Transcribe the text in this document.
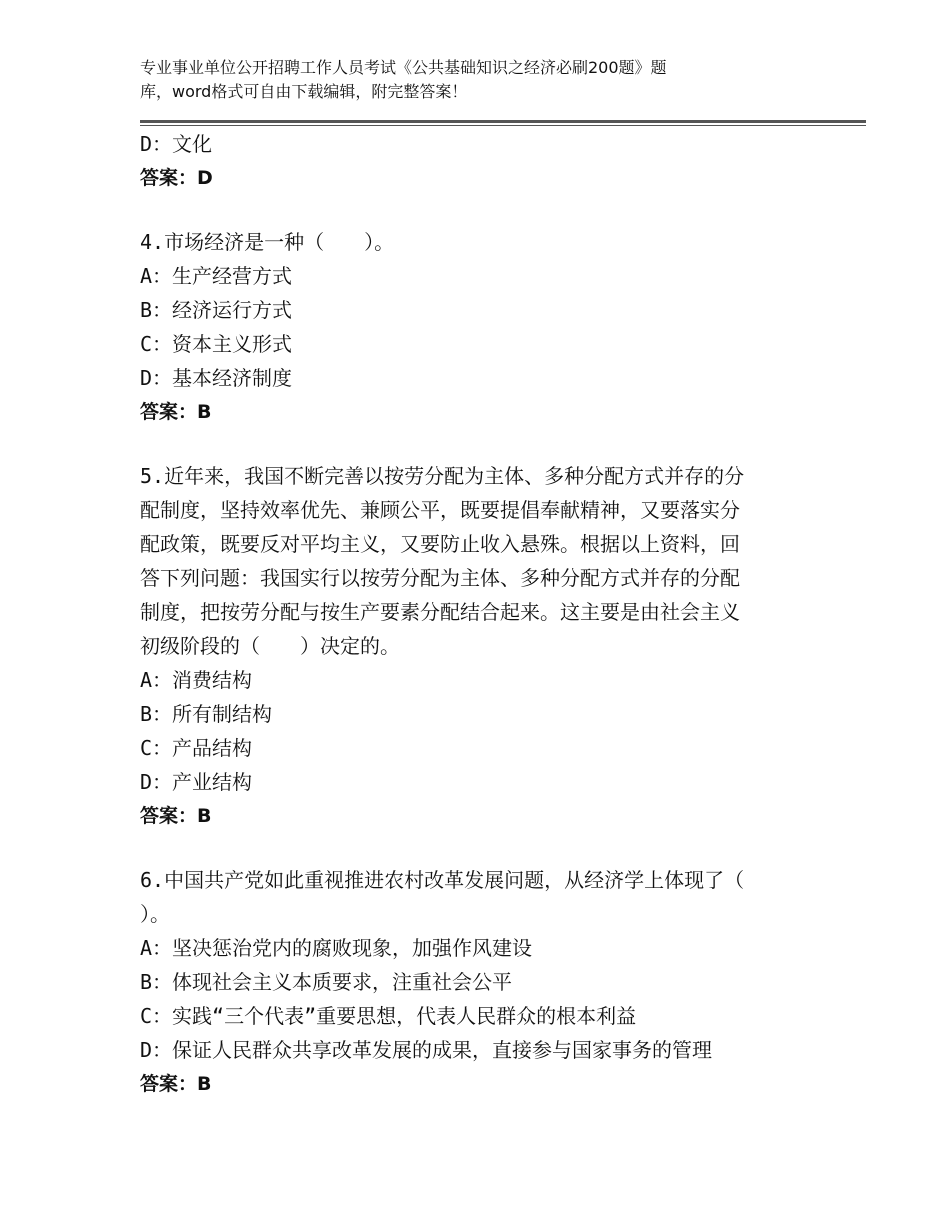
专业事业单位公开招聘工作人员考试《公共基础知识之经济必刷200题》题
库，word格式可自由下载编辑，附完整答案！
D：文化
答案：D
4.市场经济是一种（　　）。
A：生产经营方式
B：经济运行方式
C：资本主义形式
D：基本经济制度
答案：B
5.近年来，我国不断完善以按劳分配为主体、多种分配方式并存的分
配制度，坚持效率优先、兼顾公平，既要提倡奉献精神，又要落实分
配政策，既要反对平均主义，又要防止收入悬殊。根据以上资料，回
答下列问题：我国实行以按劳分配为主体、多种分配方式并存的分配
制度，把按劳分配与按生产要素分配结合起来。这主要是由社会主义
初级阶段的（　　）决定的。
A：消费结构
B：所有制结构
C：产品结构
D：产业结构
答案：B
6.中国共产党如此重视推进农村改革发展问题，从经济学上体现了（
）。
A：坚决惩治党内的腐败现象，加强作风建设
B：体现社会主义本质要求，注重社会公平
C：实践“三个代表”重要思想，代表人民群众的根本利益
D：保证人民群众共享改革发展的成果，直接参与国家事务的管理
答案：B
